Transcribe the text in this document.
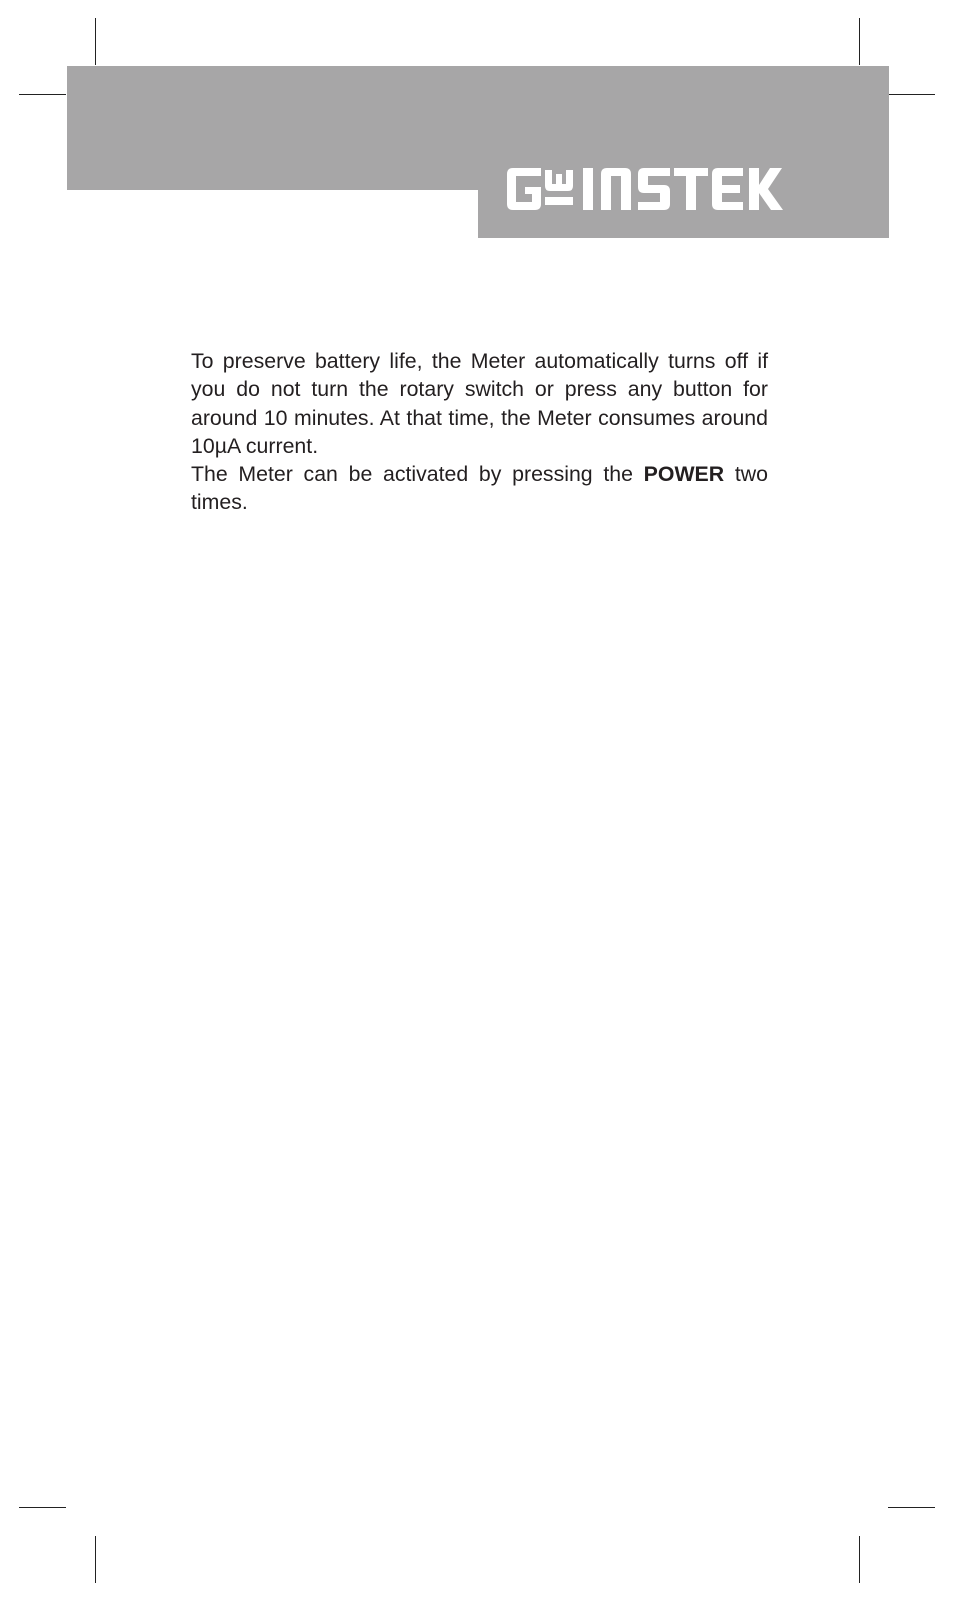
To preserve battery life, the Meter automatically turns off if you do not turn the rotary switch or press any button for around 10 minutes. At that time, the Meter consumes around 10µA current.

The Meter can be activated by pressing the POWER two times.
